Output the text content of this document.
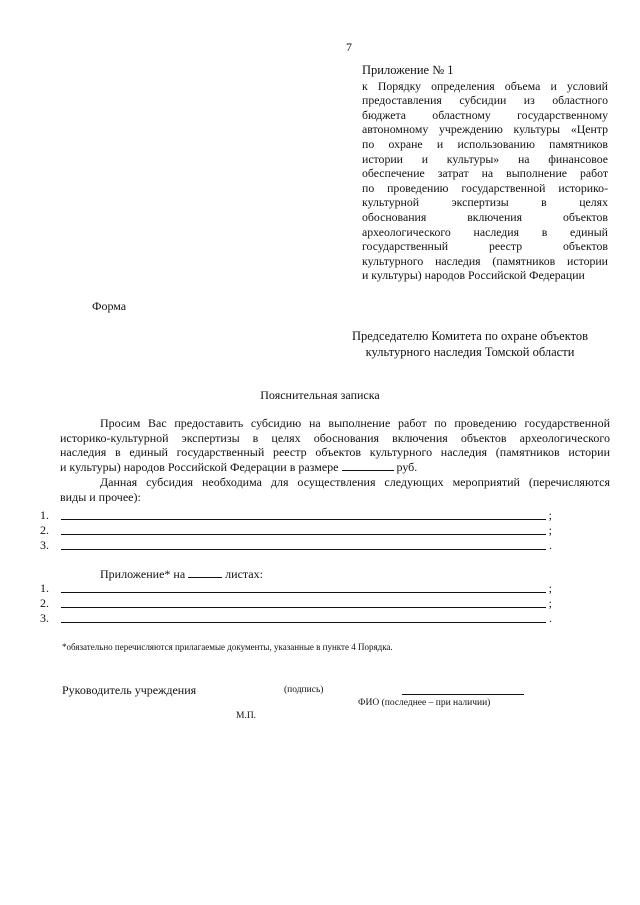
7
Приложение № 1
к Порядку определения объема и условий
предоставления субсидии из областного
бюджета областному государственному
автономному учреждению культуры «Центр
по охране и использованию памятников
истории и культуры» на финансовое
обеспечение затрат на выполнение работ
по проведению государственной историко-
культурной экспертизы в целях
обоснования включения объектов
археологического наследия в единый
государственный реестр объектов
культурного наследия (памятников истории
и культуры) народов Российской Федерации
Форма
Председателю Комитета по охране объектов
культурного наследия Томской области
Пояснительная записка
Просим Вас предоставить субсидию на выполнение работ по проведению государственной
историко-культурной экспертизы в целях обоснования включения объектов археологического
наследия в единый государственный реестр объектов культурного наследия (памятников истории
и культуры) народов Российской Федерации в размере	руб.
Данная субсидия необходима для осуществления следующих мероприятий (перечисляются
виды и прочее):
1.	;
2.	;
3.	.
Приложение* на	листах:
1.	;
2.	;
3.	.
*обязательно перечисляются прилагаемые документы, указанные в пункте 4 Порядка.
Руководитель учреждения	(подпись)
ФИО (последнее – при наличии)
М.П.
